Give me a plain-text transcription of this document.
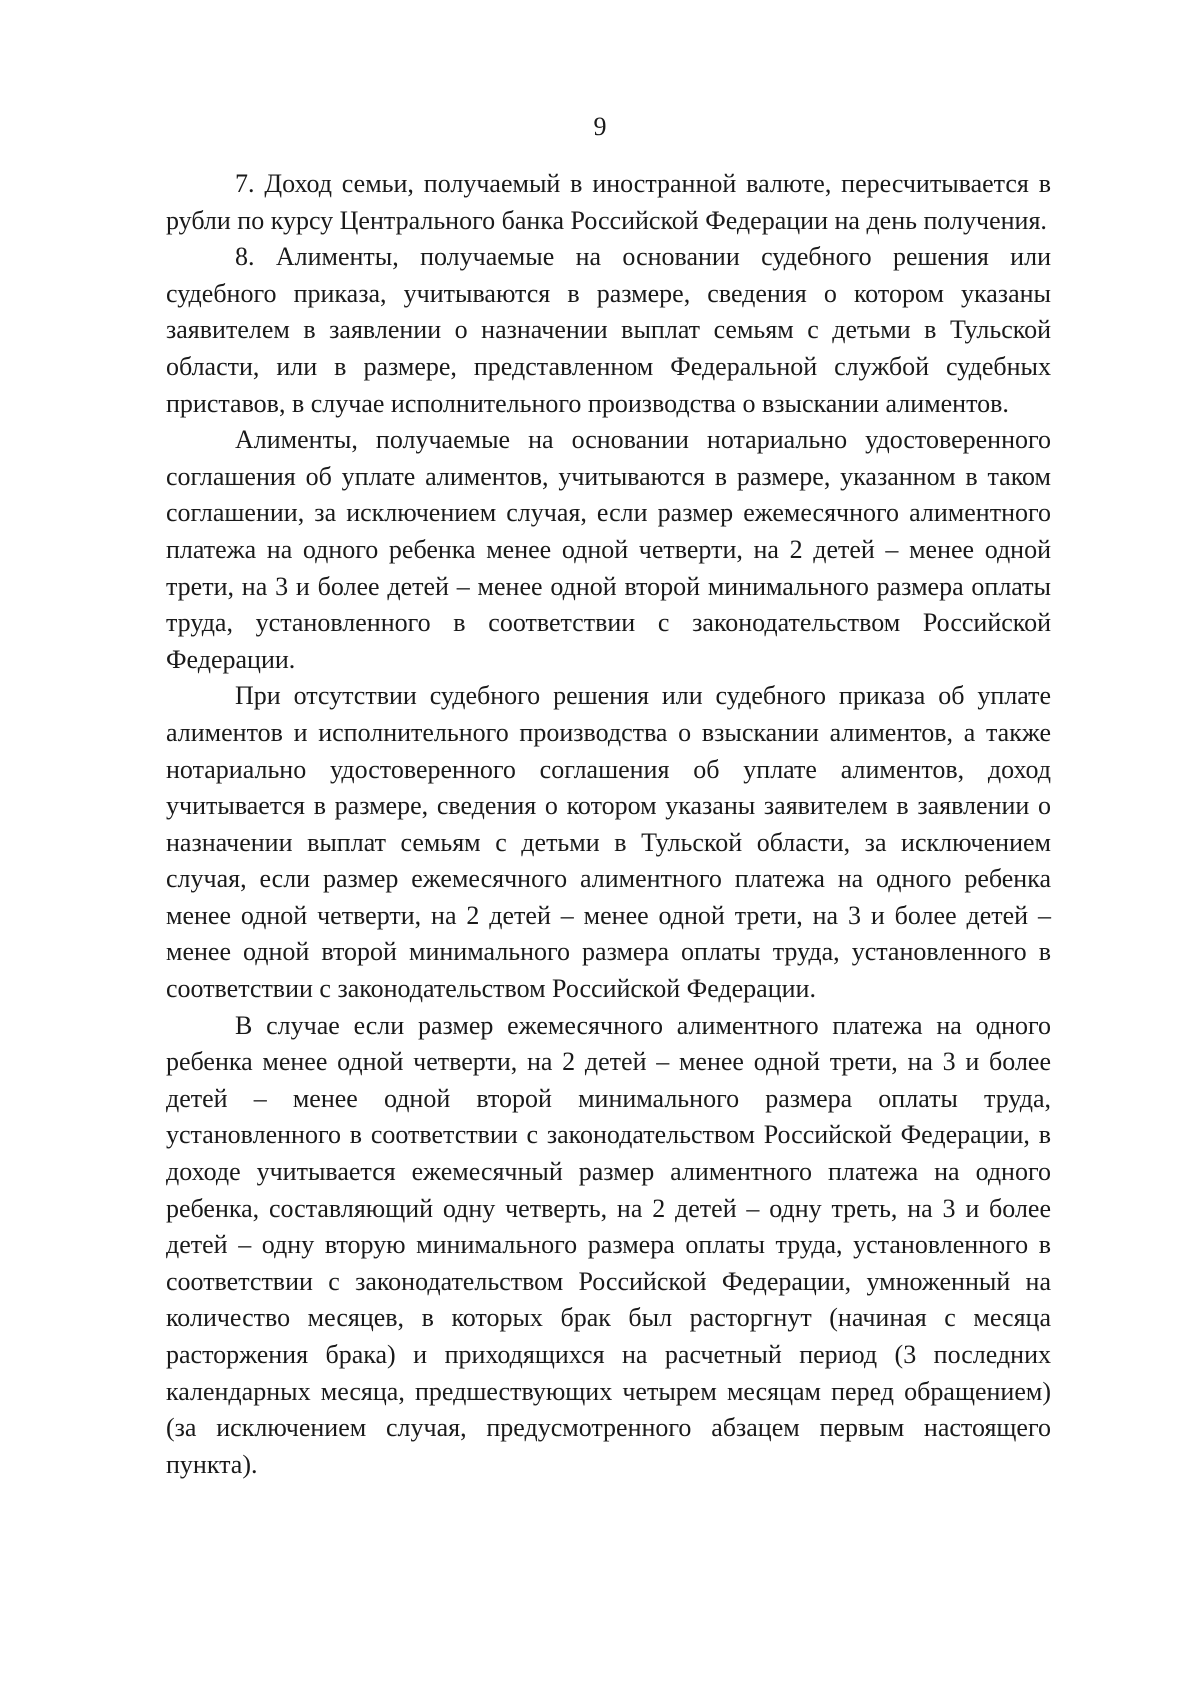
9

7. Доход семьи, получаемый в иностранной валюте, пересчитывается в рубли по курсу Центрального банка Российской Федерации на день получения.

8. Алименты, получаемые на основании судебного решения или судебного приказа, учитываются в размере, сведения о котором указаны заявителем в заявлении о назначении выплат семьям с детьми в Тульской области, или в размере, представленном Федеральной службой судебных приставов, в случае исполнительного производства о взыскании алиментов.

Алименты, получаемые на основании нотариально удостоверенного соглашения об уплате алиментов, учитываются в размере, указанном в таком соглашении, за исключением случая, если размер ежемесячного алиментного платежа на одного ребенка менее одной четверти, на 2 детей – менее одной трети, на 3 и более детей – менее одной второй минимального размера оплаты труда, установленного в соответствии с законодательством Российской Федерации.

При отсутствии судебного решения или судебного приказа об уплате алиментов и исполнительного производства о взыскании алиментов, а также нотариально удостоверенного соглашения об уплате алиментов, доход учитывается в размере, сведения о котором указаны заявителем в заявлении о назначении выплат семьям с детьми в Тульской области, за исключением случая, если размер ежемесячного алиментного платежа на одного ребенка менее одной четверти, на 2 детей – менее одной трети, на 3 и более детей – менее одной второй минимального размера оплаты труда, установленного в соответствии с законодательством Российской Федерации.

В случае если размер ежемесячного алиментного платежа на одного ребенка менее одной четверти, на 2 детей – менее одной трети, на 3 и более детей – менее одной второй минимального размера оплаты труда, установленного в соответствии с законодательством Российской Федерации, в доходе учитывается ежемесячный размер алиментного платежа на одного ребенка, составляющий одну четверть, на 2 детей – одну треть, на 3 и более детей – одну вторую минимального размера оплаты труда, установленного в соответствии с законодательством Российской Федерации, умноженный на количество месяцев, в которых брак был расторгнут (начиная с месяца расторжения брака) и приходящихся на расчетный период (3 последних календарных месяца, предшествующих четырем месяцам перед обращением) (за исключением случая, предусмотренного абзацем первым настоящего пункта).
